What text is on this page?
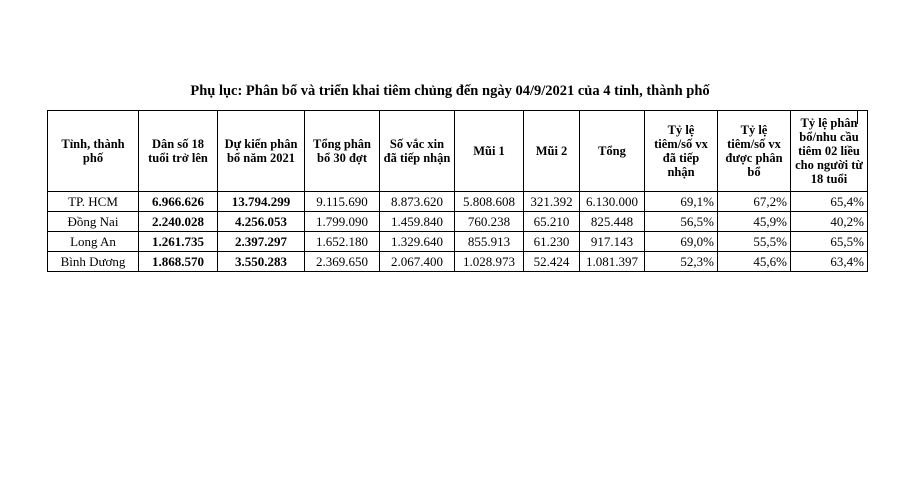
Phụ lục: Phân bổ và triển khai tiêm chủng đến ngày 04/9/2021 của 4 tỉnh, thành phố
Tỉnh, thành phố	Dân số 18 tuổi trở lên	Dự kiến phân bổ năm 2021	Tổng phân bổ 30 đợt	Số vắc xin đã tiếp nhận	Mũi 1	Mũi 2	Tổng	Tỷ lệ tiêm/số vx đã tiếp nhận	Tỷ lệ tiêm/số vx được phân bổ	Tỷ lệ phân bổ/nhu cầu tiêm 02 liều cho người từ 18 tuổi
TP. HCM	6.966.626	13.794.299	9.115.690	8.873.620	5.808.608	321.392	6.130.000	69,1%	67,2%	65,4%
Đồng Nai	2.240.028	4.256.053	1.799.090	1.459.840	760.238	65.210	825.448	56,5%	45,9%	40,2%
Long An	1.261.735	2.397.297	1.652.180	1.329.640	855.913	61.230	917.143	69,0%	55,5%	65,5%
Bình Dương	1.868.570	3.550.283	2.369.650	2.067.400	1.028.973	52.424	1.081.397	52,3%	45,6%	63,4%
